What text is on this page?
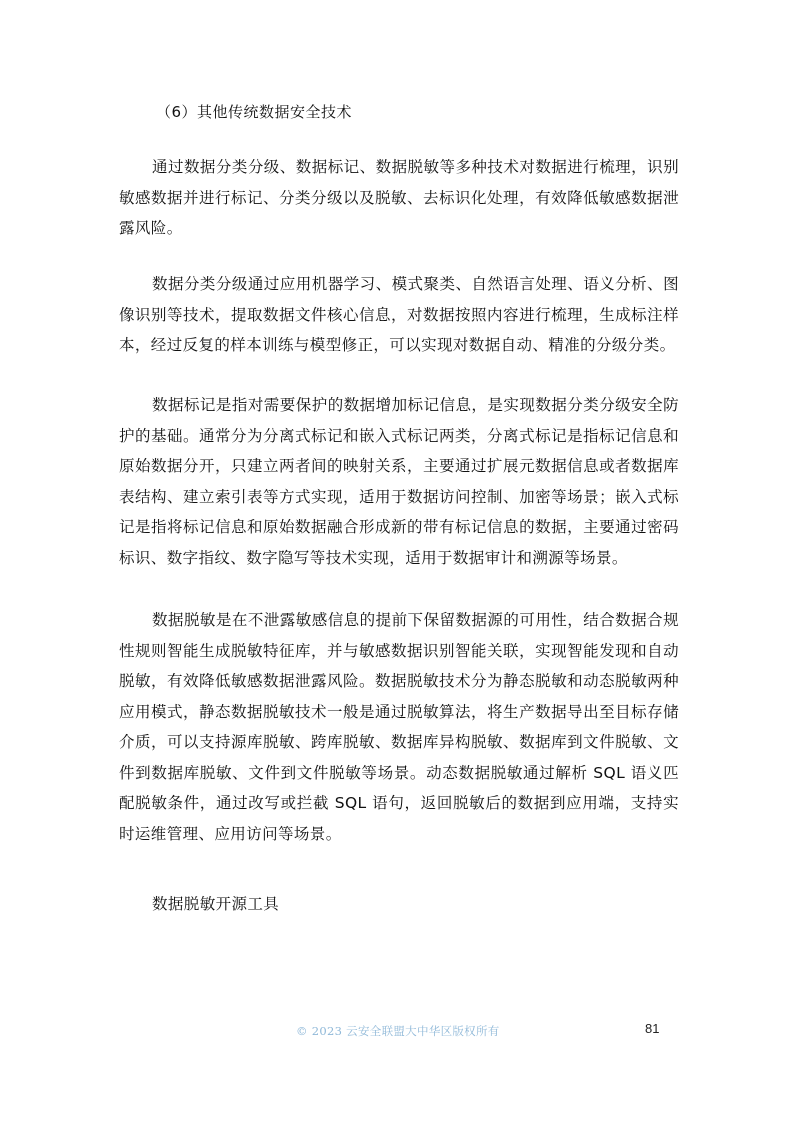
（6）其他传统数据安全技术

通过数据分类分级、数据标记、数据脱敏等多种技术对数据进行梳理，识别敏感数据并进行标记、分类分级以及脱敏、去标识化处理，有效降低敏感数据泄露风险。

数据分类分级通过应用机器学习、模式聚类、自然语言处理、语义分析、图像识别等技术，提取数据文件核心信息，对数据按照内容进行梳理，生成标注样本，经过反复的样本训练与模型修正，可以实现对数据自动、精准的分级分类。

数据标记是指对需要保护的数据增加标记信息，是实现数据分类分级安全防护的基础。通常分为分离式标记和嵌入式标记两类，分离式标记是指标记信息和原始数据分开，只建立两者间的映射关系，主要通过扩展元数据信息或者数据库表结构、建立索引表等方式实现，适用于数据访问控制、加密等场景；嵌入式标记是指将标记信息和原始数据融合形成新的带有标记信息的数据，主要通过密码标识、数字指纹、数字隐写等技术实现，适用于数据审计和溯源等场景。

数据脱敏是在不泄露敏感信息的提前下保留数据源的可用性，结合数据合规性规则智能生成脱敏特征库，并与敏感数据识别智能关联，实现智能发现和自动脱敏，有效降低敏感数据泄露风险。数据脱敏技术分为静态脱敏和动态脱敏两种应用模式，静态数据脱敏技术一般是通过脱敏算法，将生产数据导出至目标存储介质，可以支持源库脱敏、跨库脱敏、数据库异构脱敏、数据库到文件脱敏、文件到数据库脱敏、文件到文件脱敏等场景。动态数据脱敏通过解析 SQL 语义匹配脱敏条件，通过改写或拦截 SQL 语句，返回脱敏后的数据到应用端，支持实时运维管理、应用访问等场景。

数据脱敏开源工具
© 2023 云安全联盟大中华区版权所有	81
